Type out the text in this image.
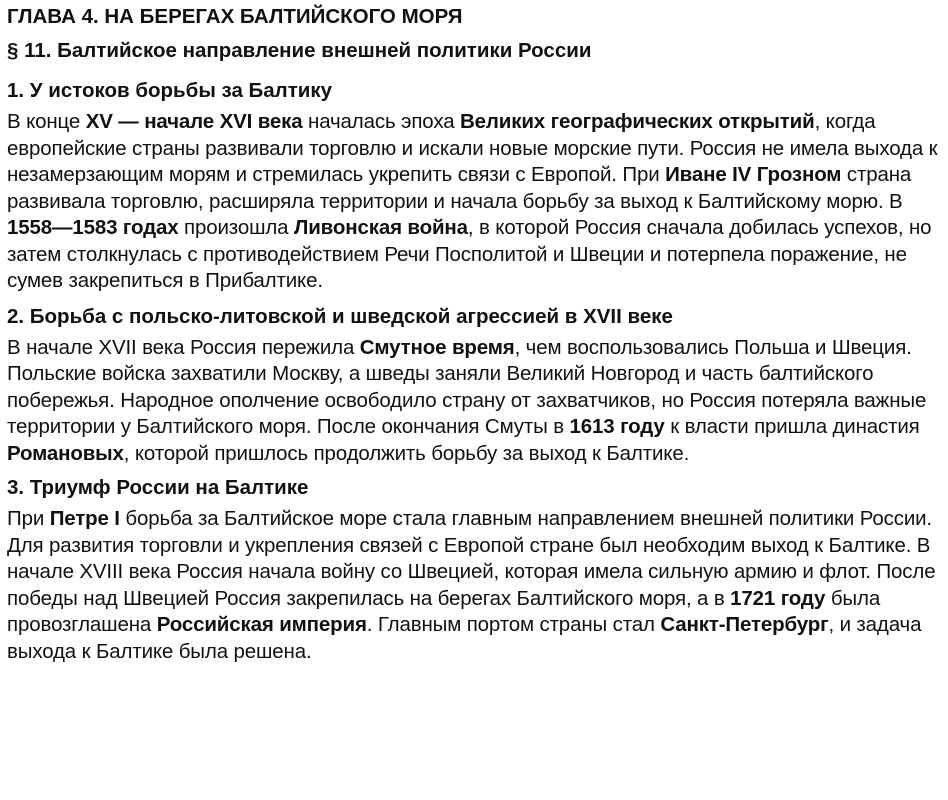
ГЛАВА 4. НА БЕРЕГАХ БАЛТИЙСКОГО МОРЯ
§ 11. Балтийское направление внешней политики России
1. У истоков борьбы за Балтику

В конце XV — начале XVI века началась эпоха Великих географических открытий, когда европейские страны развивали торговлю и искали новые морские пути. Россия не имела выхода к незамерзающим морям и стремилась укрепить связи с Европой. При Иване IV Грозном страна развивала торговлю, расширяла территории и начала борьбу за выход к Балтийскому морю. В 1558—1583 годах произошла Ливонская война, в которой Россия сначала добилась успехов, но затем столкнулась с противодействием Речи Посполитой и Швеции и потерпела поражение, не сумев закрепиться в Прибалтике.

2. Борьба с польско-литовской и шведской агрессией в XVII веке

В начале XVII века Россия пережила Смутное время, чем воспользовались Польша и Швеция. Польские войска захватили Москву, а шведы заняли Великий Новгород и часть балтийского побережья. Народное ополчение освободило страну от захватчиков, но Россия потеряла важные территории у Балтийского моря. После окончания Смуты в 1613 году к власти пришла династия Романовых, которой пришлось продолжить борьбу за выход к Балтике.

3. Триумф России на Балтике

При Петре I борьба за Балтийское море стала главным направлением внешней политики России. Для развития торговли и укрепления связей с Европой стране был необходим выход к Балтике. В начале XVIII века Россия начала войну со Швецией, которая имела сильную армию и флот. После победы над Швецией Россия закрепилась на берегах Балтийского моря, а в 1721 году была провозглашена Российская империя. Главным портом страны стал Санкт-Петербург, и задача выхода к Балтике была решена.
